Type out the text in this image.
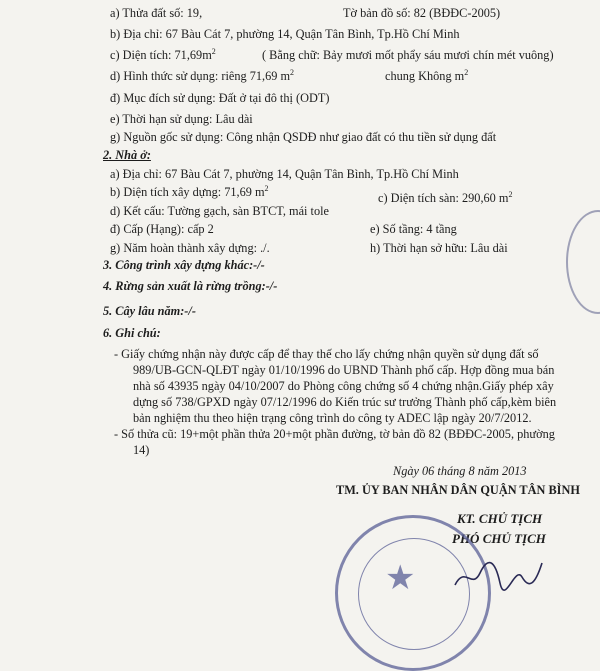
a) Thửa đất số: 19,	Tờ bản đồ số: 82 (BĐĐC-2005)
b) Địa chỉ: 67 Bàu Cát 7, phường 14, Quận Tân Bình, Tp.Hồ Chí Minh
c) Diện tích: $71,69m^2$	( Bằng chữ: Bảy mươi mốt phẩy sáu mươi chín mét vuông)
d) Hình thức sử dụng: riêng 71,69 $m^2$	chung Không $m^2$
đ) Mục đích sử dụng: Đất ở tại đô thị (ODT)
e) Thời hạn sử dụng: Lâu dài
g) Nguồn gốc sử dụng: Công nhận QSDĐ như giao đất có thu tiền sử dụng đất
2. Nhà ở:
a) Địa chỉ: 67 Bàu Cát 7, phường 14, Quận Tân Bình, Tp.Hồ Chí Minh
b) Diện tích xây dựng: 71,69 $m^2$
c) Diện tích sàn: 290,60 $m^2$
d) Kết cấu: Tường gạch, sàn BTCT, mái tole
đ) Cấp (Hạng): cấp 2	e) Số tầng: 4 tầng
g) Năm hoàn thành xây dựng: ./.	h) Thời hạn sở hữu: Lâu dài
3. Công trình xây dựng khác:-/-
4. Rừng sản xuất là rừng trồng:-/-
5. Cây lâu năm:-/-
6. Ghi chú:
- Giấy chứng nhận này được cấp để thay thế cho lấy chứng nhận quyền sử dụng đất số
989/UB-GCN-QLĐT ngày 01/10/1996 do UBND Thành phố cấp. Hợp đồng mua bán
nhà số 43935 ngày 04/10/2007 do Phòng công chứng số 4 chứng nhận.Giấy phép xây
dựng số 738/GPXD ngày 07/12/1996 do Kiến trúc sư trưởng Thành phố cấp,kèm biên
bản nghiệm thu theo hiện trạng công trình do công ty ADEC lập ngày 20/7/2012.
- Số thửa cũ: 19+một phần thửa 20+một phần đường, tờ bản đồ 82 (BĐĐC-2005, phường
14)
Ngày 06 tháng 8 năm 2013
TM. ỦY BAN NHÂN DÂN QUẬN TÂN BÌNH
KT. CHỦ TỊCH
PHÓ CHỦ TỊCH
★
